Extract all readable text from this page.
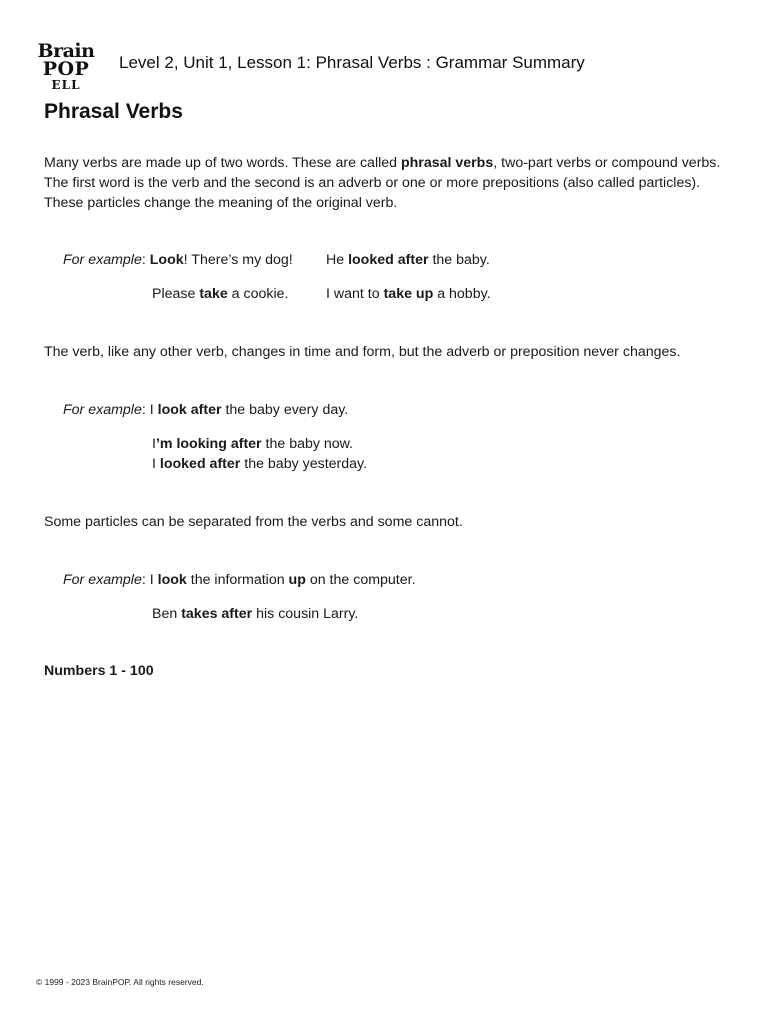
Brain
POP
ELL
Level 2, Unit 1, Lesson 1: Phrasal Verbs : Grammar Summary
Phrasal Verbs

Many verbs are made up of two words. These are called phrasal verbs, two-part verbs or compound verbs. The first word is the verb and the second is an adverb or one or more prepositions (also called particles). These particles change the meaning of the original verb.

For example: Look! There’s my dog! He looked after the baby.
Please take a cookie.	I want to take up a hobby.

The verb, like any other verb, changes in time and form, but the adverb or preposition never changes.

For example: I look after the baby every day.
I’m looking after the baby now.
I looked after the baby yesterday.

Some particles can be separated from the verbs and some cannot.

For example: I look the information up on the computer.
Ben takes after his cousin Larry.
Numbers 1 - 100
© 1999 - 2023 BrainPOP. All rights reserved.
